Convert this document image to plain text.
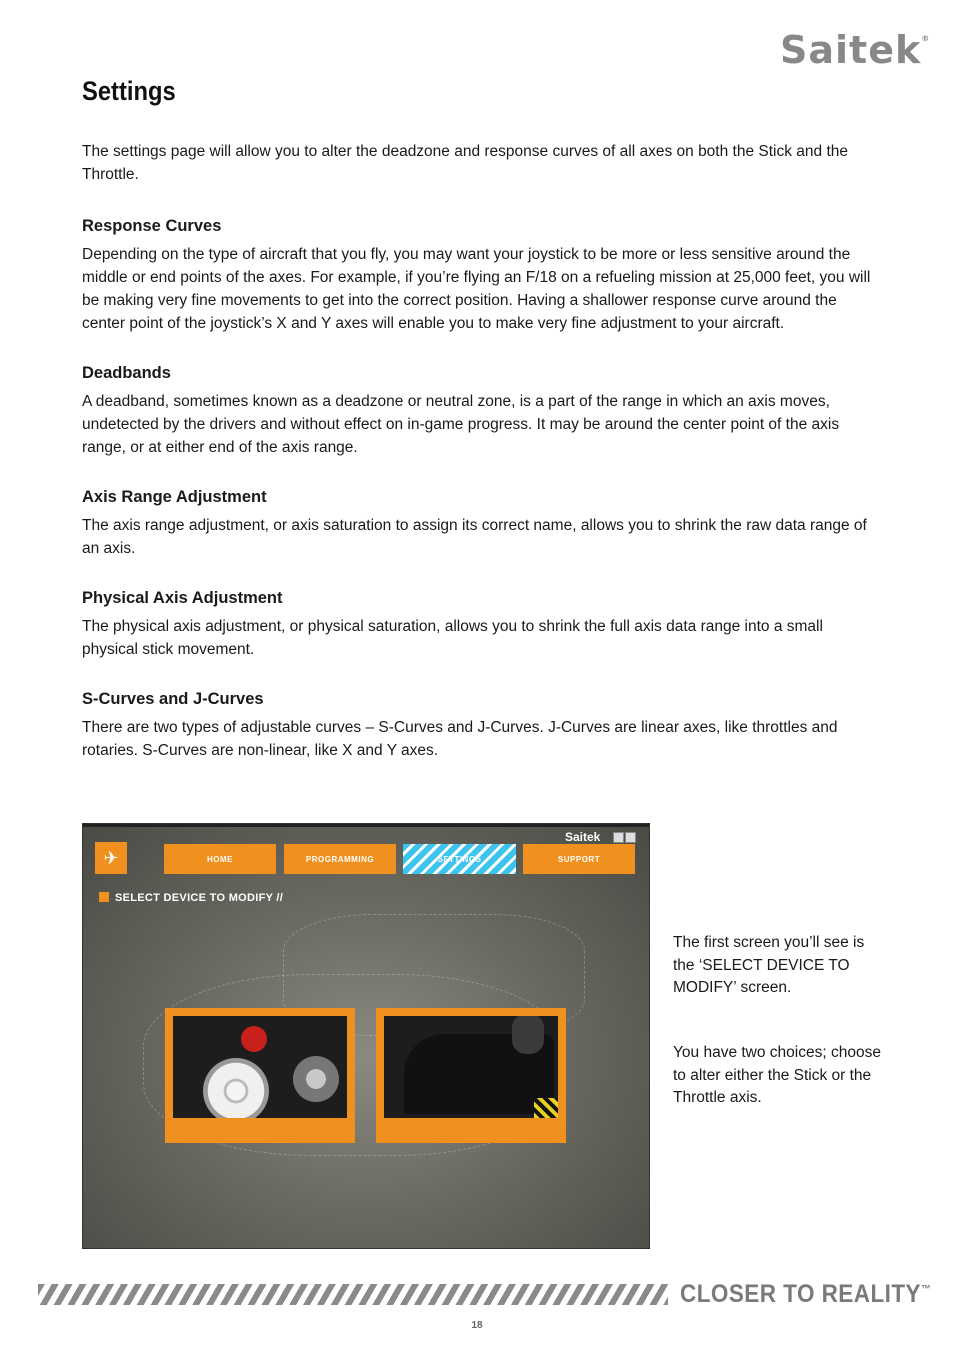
Saitek®
Settings

The settings page will allow you to alter the deadzone and response curves of all axes on both the Stick and the Throttle.

Response Curves

Depending on the type of aircraft that you fly, you may want your joystick to be more or less sensitive around the middle or end points of the axes. For example, if you’re flying an F/18 on a refueling mission at 25,000 feet, you will be making very fine movements to get into the correct position. Having a shallower response curve around the center point of the joystick’s X and Y axes will enable you to make very fine adjustment to your aircraft.

Deadbands

A deadband, sometimes known as a deadzone or neutral zone, is a part of the range in which an axis moves, undetected by the drivers and without effect on in-game progress. It may be around the center point of the axis range, or at either end of the axis range.

Axis Range Adjustment

The axis range adjustment, or axis saturation to assign its correct name, allows you to shrink the raw data range of an axis.

Physical Axis Adjustment

The physical axis adjustment, or physical saturation, allows you to shrink the full axis data range into a small physical stick movement.

S-Curves and J-Curves

There are two types of adjustable curves – S-Curves and J-Curves. J-Curves are linear axes, like throttles and rotaries. S-Curves are non-linear, like X and Y axes.

Saitek
✈	HOME	PROGRAMMING	SETTINGS	SUPPORT
SELECT DEVICE TO MODIFY //

The first screen you’ll see is the ‘SELECT DEVICE TO MODIFY’ screen.

You have two choices; choose to alter either the Stick or the Throttle axis.

CLOSER TO REALITY™
18
